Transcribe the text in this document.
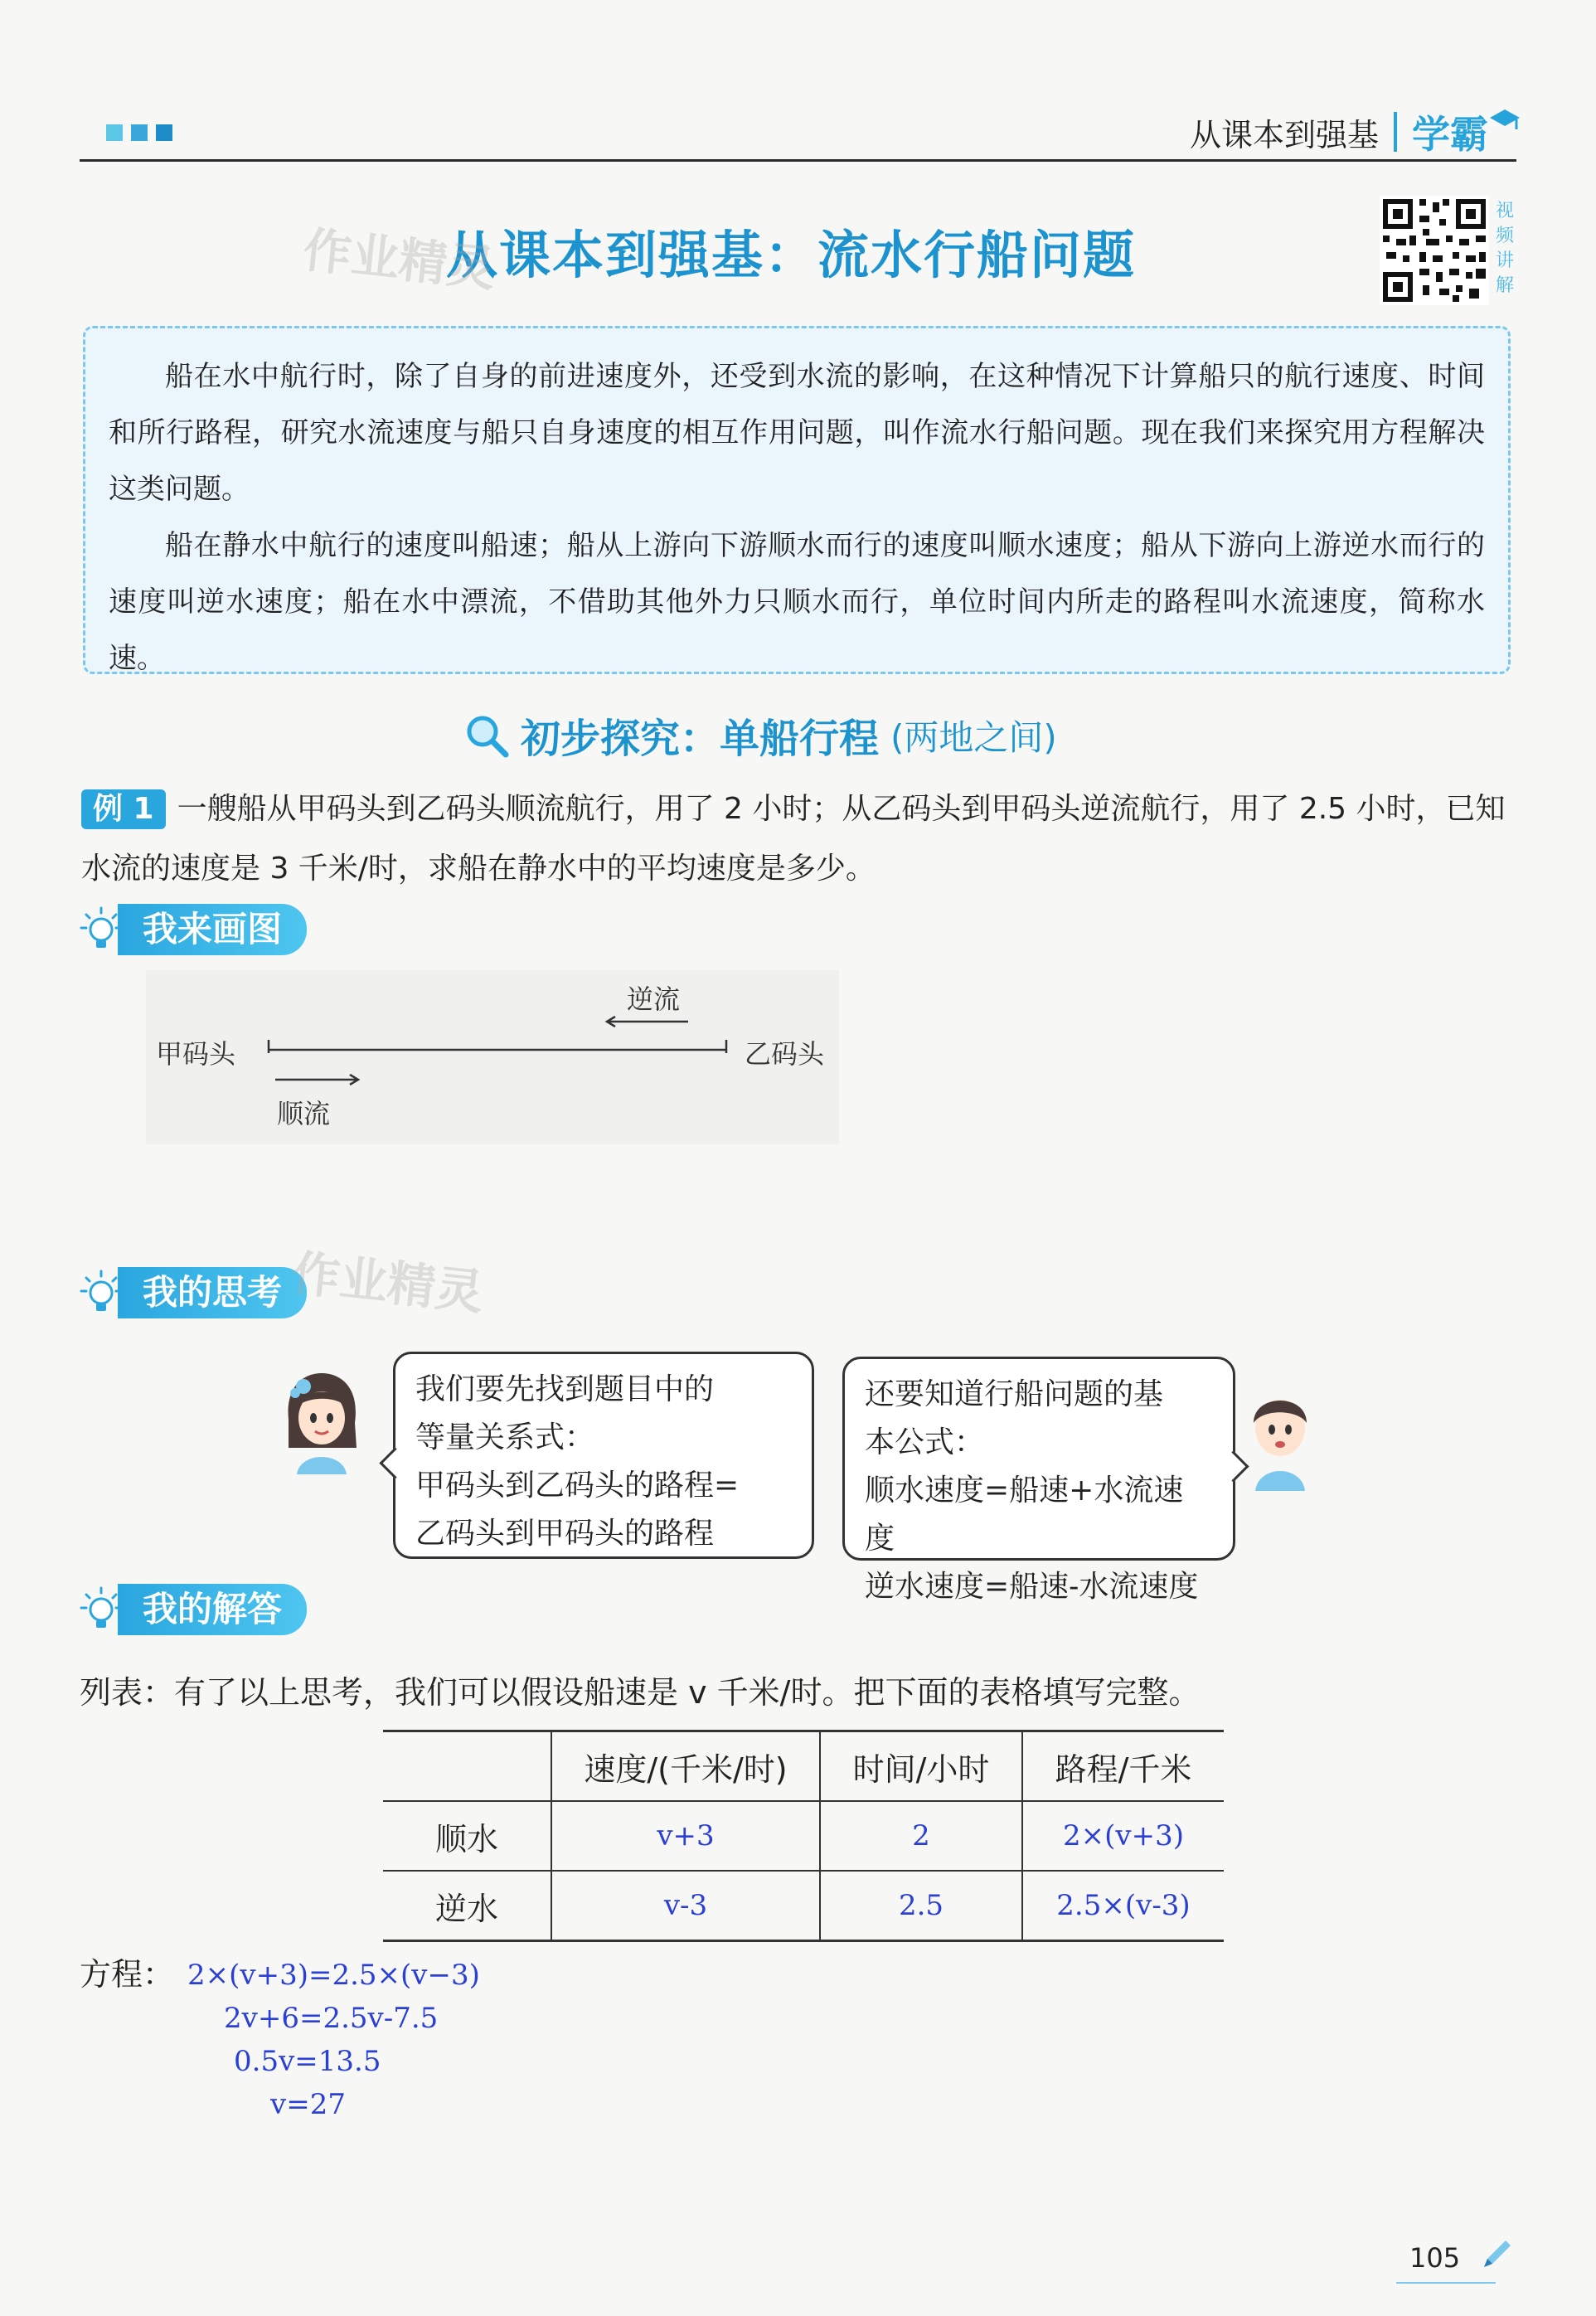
从课本到强基 学霸
从课本到强基：流水行船问题
作业精灵
视频讲解

船在水中航行时，除了自身的前进速度外，还受到水流的影响，在这种情况下计算船只的航行速度、时间和所行路程，研究水流速度与船只自身速度的相互作用问题，叫作流水行船问题。现在我们来探究用方程解决这类问题。

船在静水中航行的速度叫船速；船从上游向下游顺水而行的速度叫顺水速度；船从下游向上游逆水而行的速度叫逆水速度；船在水中漂流，不借助其他外力只顺水而行，单位时间内所走的路程叫水流速度，简称水速。

初步探究：单船行程 (两地之间)
例 1 一艘船从甲码头到乙码头顺流航行，用了 2 小时；从乙码头到甲码头逆流航行，用了 2.5 小时，已知水流的速度是 3 千米/时，求船在静水中的平均速度是多少。
我来画图
甲码头	乙码头
逆流
顺流
我的思考 作业精灵
我们要先找到题目中的
等量关系式：
甲码头到乙码头的路程=
乙码头到甲码头的路程
还要知道行船问题的基
本公式：
顺水速度=船速+水流速度
逆水速度=船速-水流速度
我的解答
列表：有了以上思考，我们可以假设船速是 v 千米/时。把下面的表格填写完整。
	速度/(千米/时)	时间/小时	路程/千米
顺水	v+3	2	2×(v+3)
逆水	v-3	2.5	2.5×(v-3)
方程： 2×(v+3)=2.5×(v−3)
2v+6=2.5v-7.5
0.5v=13.5
v=27
105
